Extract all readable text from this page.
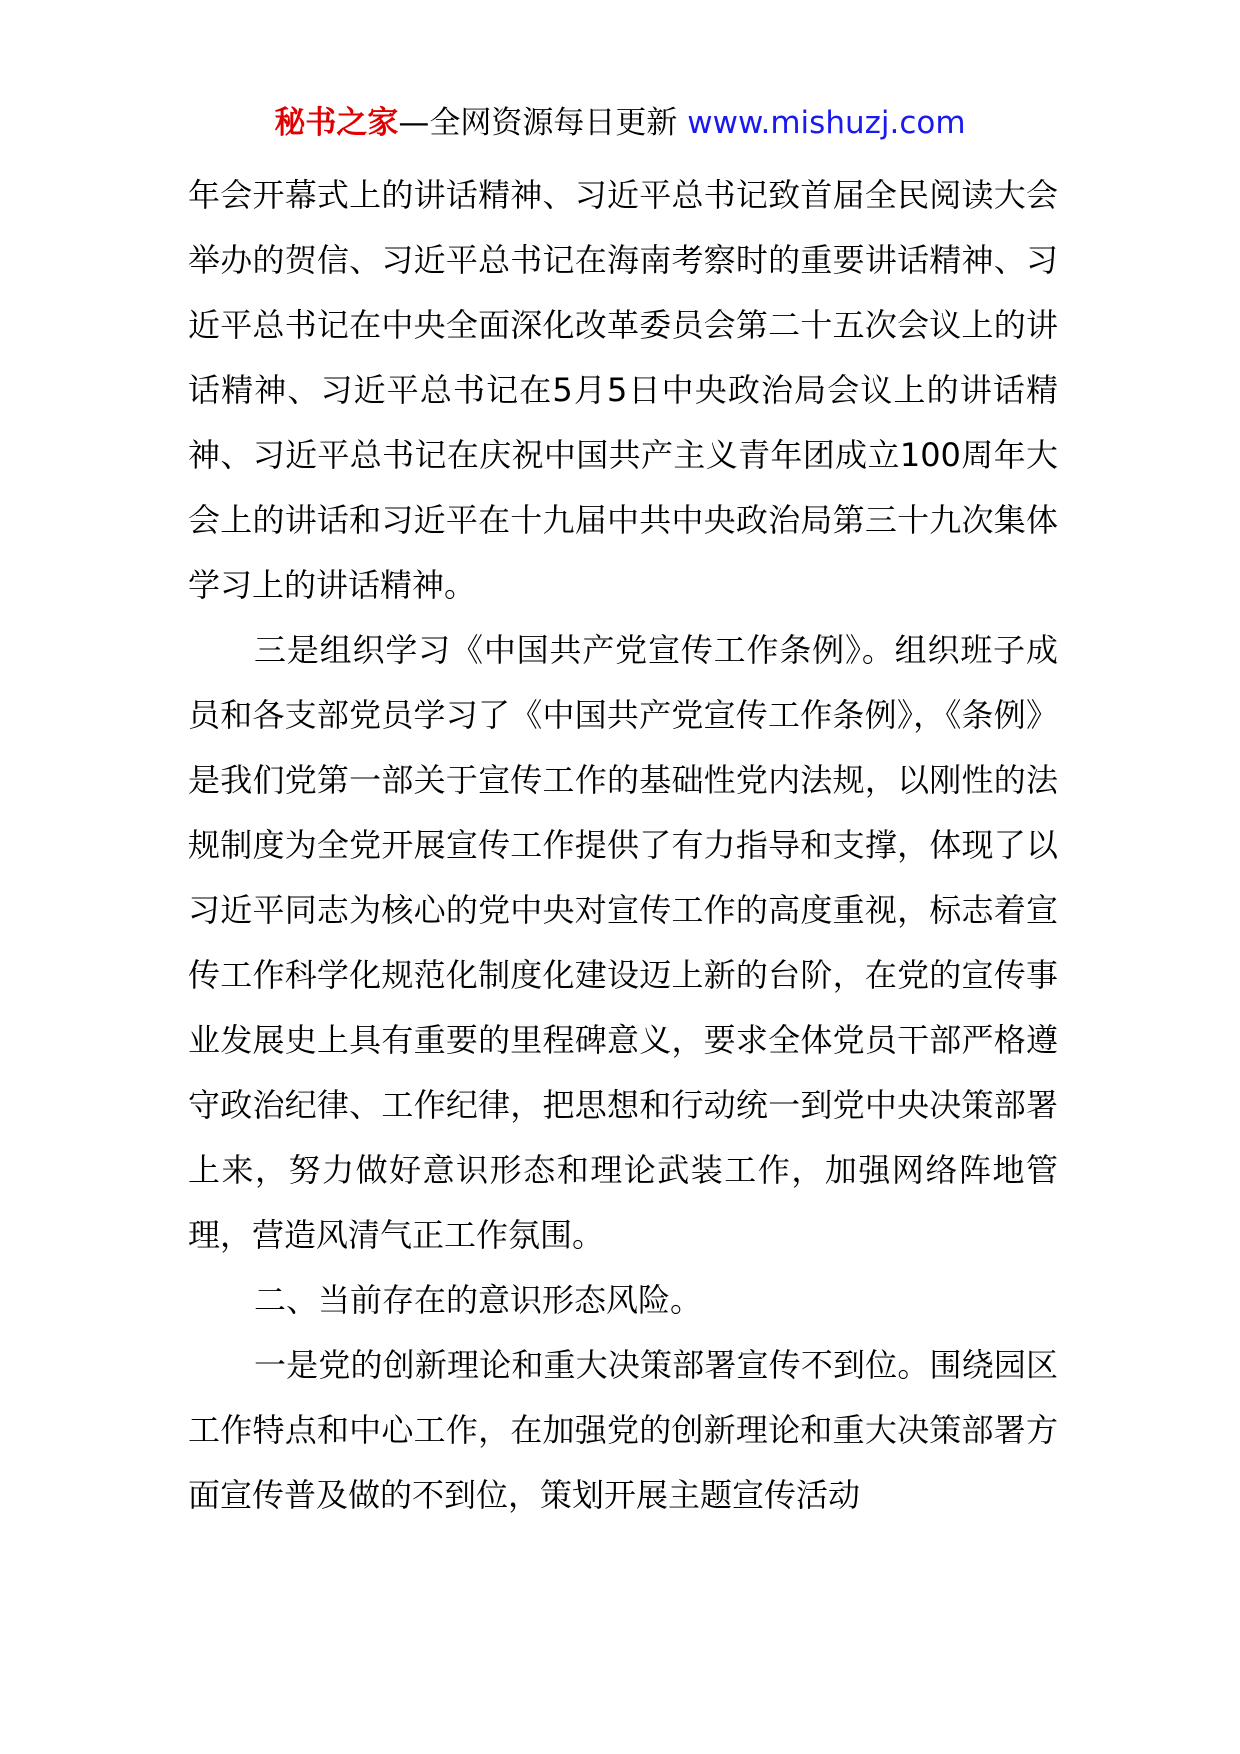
秘书之家—全网资源每日更新 www.mishuzj.com

年会开幕式上的讲话精神、习近平总书记致首届全民阅读大会举办的贺信、习近平总书记在海南考察时的重要讲话精神、习近平总书记在中央全面深化改革委员会第二十五次会议上的讲话精神、习近平总书记在5月5日中央政治局会议上的讲话精神、习近平总书记在庆祝中国共产主义青年团成立100周年大会上的讲话和习近平在十九届中共中央政治局第三十九次集体学习上的讲话精神。

三是组织学习《中国共产党宣传工作条例》。组织班子成员和各支部党员学习了《中国共产党宣传工作条例》，《条例》是我们党第一部关于宣传工作的基础性党内法规，以刚性的法规制度为全党开展宣传工作提供了有力指导和支撑，体现了以习近平同志为核心的党中央对宣传工作的高度重视，标志着宣传工作科学化规范化制度化建设迈上新的台阶，在党的宣传事业发展史上具有重要的里程碑意义，要求全体党员干部严格遵守政治纪律、工作纪律，把思想和行动统一到党中央决策部署上来，努力做好意识形态和理论武装工作，加强网络阵地管理，营造风清气正工作氛围。

二、当前存在的意识形态风险。

一是党的创新理论和重大决策部署宣传不到位。围绕园区工作特点和中心工作，在加强党的创新理论和重大决策部署方面宣传普及做的不到位，策划开展主题宣传活动
